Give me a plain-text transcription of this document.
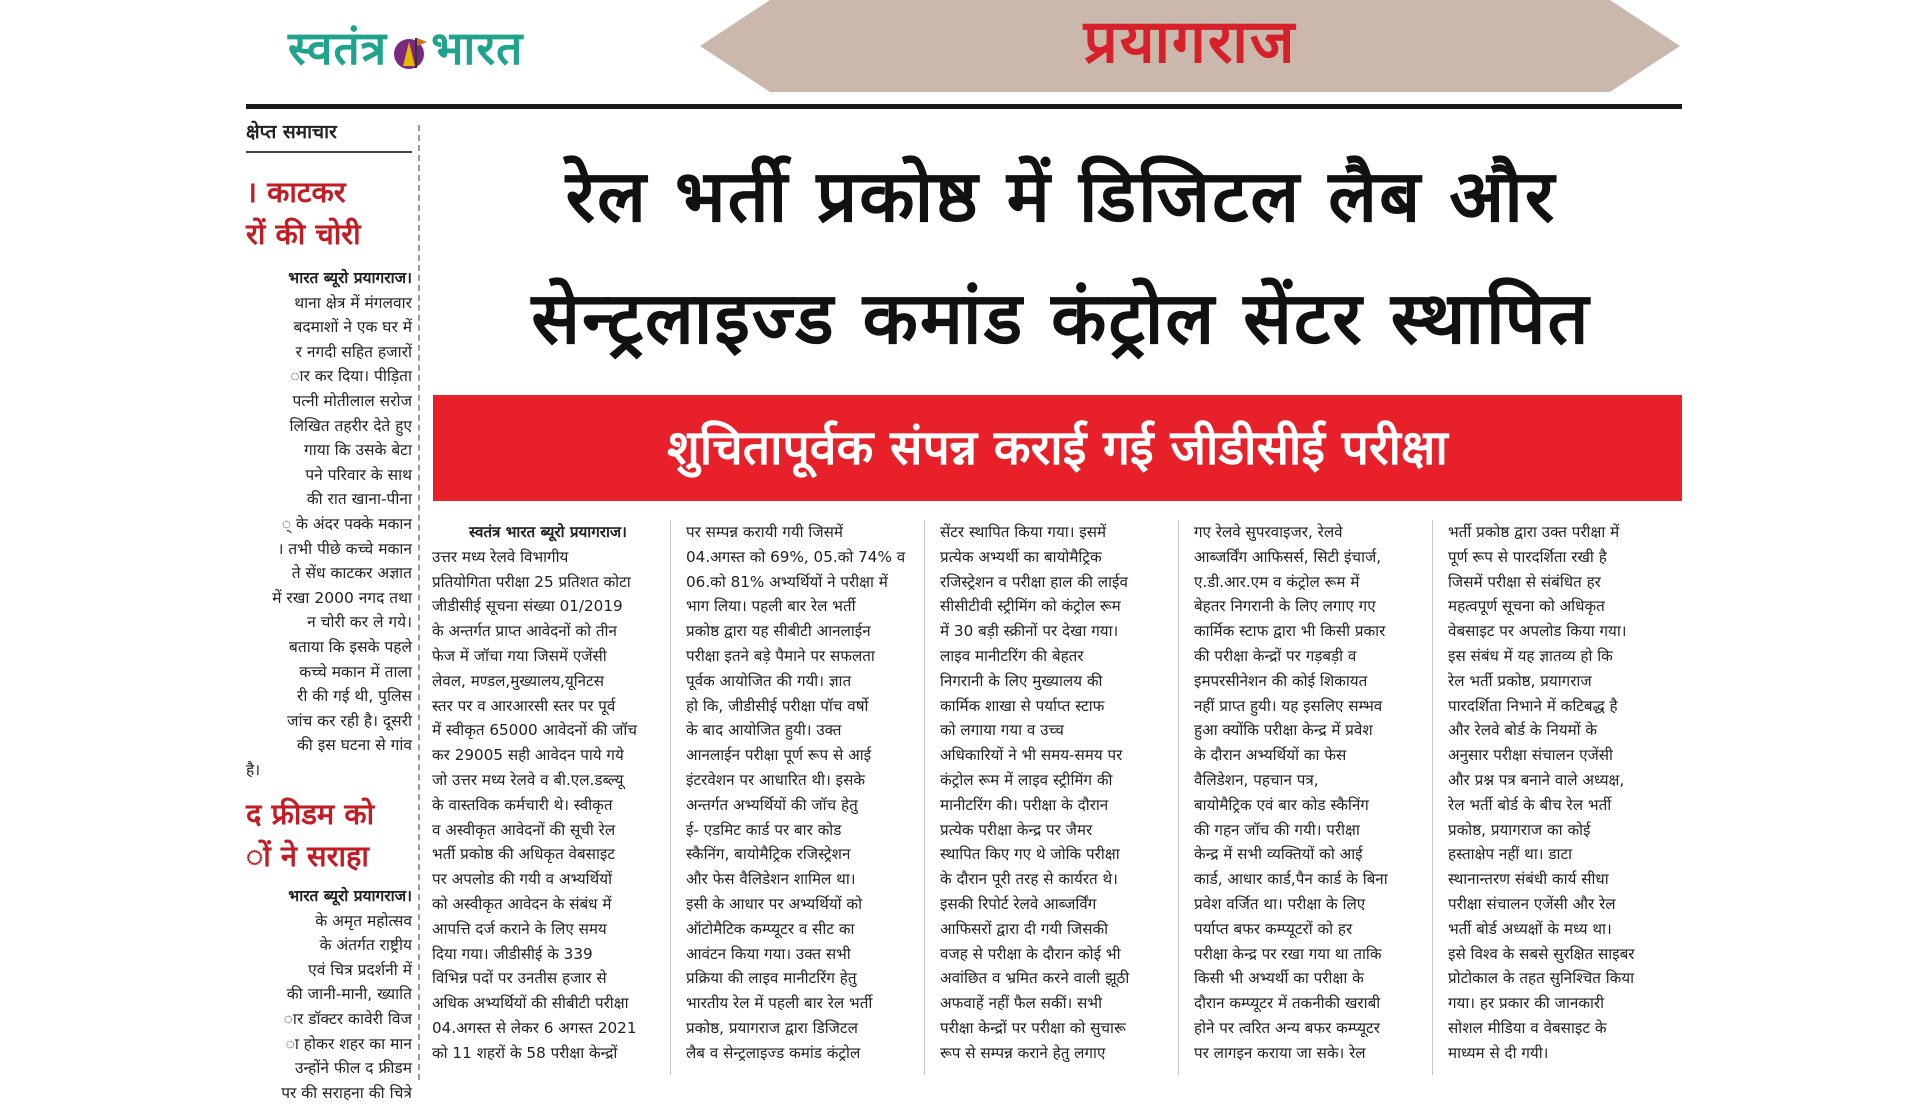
स्वतंत्र भारत	प्रयागराज
क्षेप्त समाचार
। काटकर
रों की चोरी

भारत ब्यूरो प्रयागराज।

थाना क्षेत्र में मंगलवार

बदमाशों ने एक घर में

र नगदी सहित हजारों

ार कर दिया। पीड़िता

पत्नी मोतीलाल सरोज

लिखित तहरीर देते हुए

गाया कि उसके बेटा

पने परिवार के साथ

की रात खाना-पीना

् के अंदर पक्के मकान

। तभी पीछे कच्चे मकान

ते सेंध काटकर अज्ञात

में रखा 2000 नगद तथा

न चोरी कर ले गये।

बताया कि इसके पहले

कच्चे मकान में ताला

री की गई थी, पुलिस

जांच कर रही है। दूसरी

की इस घटना से गांव

है।

द फ्रीडम को
ों ने सराहा

भारत ब्यूरो प्रयागराज।

के अमृत महोत्सव

के अंतर्गत राष्ट्रीय

एवं चित्र प्रदर्शनी में

की जानी-मानी, ख्याति

ार डॉक्टर कावेरी विज

ा होकर शहर का मान

उन्होंने फील द फ्रीडम

पर की सराहना की चित्रे

रेल भर्ती प्रकोष्ठ में डिजिटल लैब और
सेन्ट्रलाइज्ड कमांड कंट्रोल सेंटर स्थापित
शुचितापूर्वक संपन्न कराई गई जीडीसीई परीक्षा

स्वतंत्र भारत ब्यूरो प्रयागराज।

उत्तर मध्य रेलवे विभागीय

प्रतियोगिता परीक्षा 25 प्रतिशत कोटा

जीडीसीई सूचना संख्या 01/2019

के अन्तर्गत प्राप्त आवेदनों को तीन

फेज में जॉचा गया जिसमें एजेंसी

लेवल, मण्डल,मुख्यालय,यूनिटस

स्तर पर व आरआरसी स्तर पर पूर्व

में स्वीकृत 65000 आवेदनों की जॉच

कर 29005 सही आवेदन पाये गये

जो उत्तर मध्य रेलवे व बी.एल.डब्ल्यू

के वास्तविक कर्मचारी थे। स्वीकृत

व अस्वीकृत आवेदनों की सूची रेल

भर्ती प्रकोष्ठ की अधिकृत वेबसाइट

पर अपलोड की गयी व अभ्यर्थियों

को अस्वीकृत आवेदन के संबंध में

आपत्ति दर्ज कराने के लिए समय

दिया गया। जीडीसीई के 339

विभिन्न पदों पर उनतीस हजार से

अधिक अभ्यर्थियों की सीबीटी परीक्षा

04.अगस्त से लेकर 6 अगस्त 2021

को 11 शहरों के 58 परीक्षा केन्द्रों

पर सम्पन्न करायी गयी जिसमें

04.अगस्त को 69%, 05.को 74% व

06.को 81% अभ्यर्थियों ने परीक्षा में

भाग लिया। पहली बार रेल भर्ती

प्रकोष्ठ द्वारा यह सीबीटी आनलाईन

परीक्षा इतने बड़े पैमाने पर सफलता

पूर्वक आयोजित की गयी। ज्ञात

हो कि, जीडीसीई परीक्षा पॉच वर्षो

के बाद आयोजित हुयी। उक्त

आनलाईन परीक्षा पूर्ण रूप से आई

इंटरवेशन पर आधारित थी। इसके

अन्तर्गत अभ्यर्थियों की जॉच हेतु

ई- एडमिट कार्ड पर बार कोड

स्कैनिंग, बायोमैट्रिक रजिस्ट्रेशन

और फेस वैलिडेशन शामिल था।

इसी के आधार पर अभ्यर्थियों को

ऑटोमैटिक कम्प्यूटर व सीट का

आवंटन किया गया। उक्त सभी

प्रक्रिया की लाइव मानीटरिंग हेतु

भारतीय रेल में पहली बार रेल भर्ती

प्रकोष्ठ, प्रयागराज द्वारा डिजिटल

लैब व सेन्ट्रलाइज्ड कमांड कंट्रोल

सेंटर स्थापित किया गया। इसमें

प्रत्येक अभ्यर्थी का बायोमैट्रिक

रजिस्ट्रेशन व परीक्षा हाल की लाईव

सीसीटीवी स्ट्रीमिंग को कंट्रोल रूम

में 30 बड़ी स्क्रीनों पर देखा गया।

लाइव मानीटरिंग की बेहतर

निगरानी के लिए मुख्यालय की

कार्मिक शाखा से पर्याप्त स्टाफ

को लगाया गया व उच्च

अधिकारियों ने भी समय-समय पर

कंट्रोल रूम में लाइव स्ट्रीमिंग की

मानीटरिंग की। परीक्षा के दौरान

प्रत्येक परीक्षा केन्द्र पर जैमर

स्थापित किए गए थे जोकि परीक्षा

के दौरान पूरी तरह से कार्यरत थे।

इसकी रिपोर्ट रेलवे आब्जर्विंग

आफिसरों द्वारा दी गयी जिसकी

वजह से परीक्षा के दौरान कोई भी

अवांछित व भ्रमित करने वाली झूठी

अफवाहें नहीं फैल सकीं। सभी

परीक्षा केन्द्रों पर परीक्षा को सुचारू

रूप से सम्पन्न कराने हेतु लगाए

गए रेलवे सुपरवाइजर, रेलवे

आब्जर्विंग आफिसर्स, सिटी इंचार्ज,

ए.डी.आर.एम व कंट्रोल रूम में

बेहतर निगरानी के लिए लगाए गए

कार्मिक स्टाफ द्वारा भी किसी प्रकार

की परीक्षा केन्द्रों पर गड़बड़ी व

इमपरसीनेशन की कोई शिकायत

नहीं प्राप्त हुयी। यह इसलिए सम्भव

हुआ क्योंकि परीक्षा केन्द्र में प्रवेश

के दौरान अभ्यर्थियों का फेस

वैलिडेशन, पहचान पत्र,

बायोमैट्रिक एवं बार कोड स्कैनिंग

की गहन जॉच की गयी। परीक्षा

केन्द्र में सभी व्यक्तियों को आई

कार्ड, आधार कार्ड,पैन कार्ड के बिना

प्रवेश वर्जित था। परीक्षा के लिए

पर्याप्त बफर कम्प्यूटरों को हर

परीक्षा केन्द्र पर रखा गया था ताकि

किसी भी अभ्यर्थी का परीक्षा के

दौरान कम्प्यूटर में तकनीकी खराबी

होने पर त्वरित अन्य बफर कम्प्यूटर

पर लागइन कराया जा सके। रेल

भर्ती प्रकोष्ठ द्वारा उक्त परीक्षा में

पूर्ण रूप से पारदर्शिता रखी है

जिसमें परीक्षा से संबंधित हर

महत्वपूर्ण सूचना को अधिकृत

वेबसाइट पर अपलोड किया गया।

इस संबंध में यह ज्ञातव्य हो कि

रेल भर्ती प्रकोष्ठ, प्रयागराज

पारदर्शिता निभाने में कटिबद्ध है

और रेलवे बोर्ड के नियमों के

अनुसार परीक्षा संचालन एजेंसी

और प्रश्न पत्र बनाने वाले अध्यक्ष,

रेल भर्ती बोर्ड के बीच रेल भर्ती

प्रकोष्ठ, प्रयागराज का कोई

हस्ताक्षेप नहीं था। डाटा

स्थानान्तरण संबंधी कार्य सीधा

परीक्षा संचालन एजेंसी और रेल

भर्ती बोर्ड अध्यक्षों के मध्य था।

इसे विश्व के सबसे सुरक्षित साइबर

प्रोटोकाल के तहत सुनिश्चित किया

गया। हर प्रकार की जानकारी

सोशल मीडिया व वेबसाइट के

माध्यम से दी गयी।
